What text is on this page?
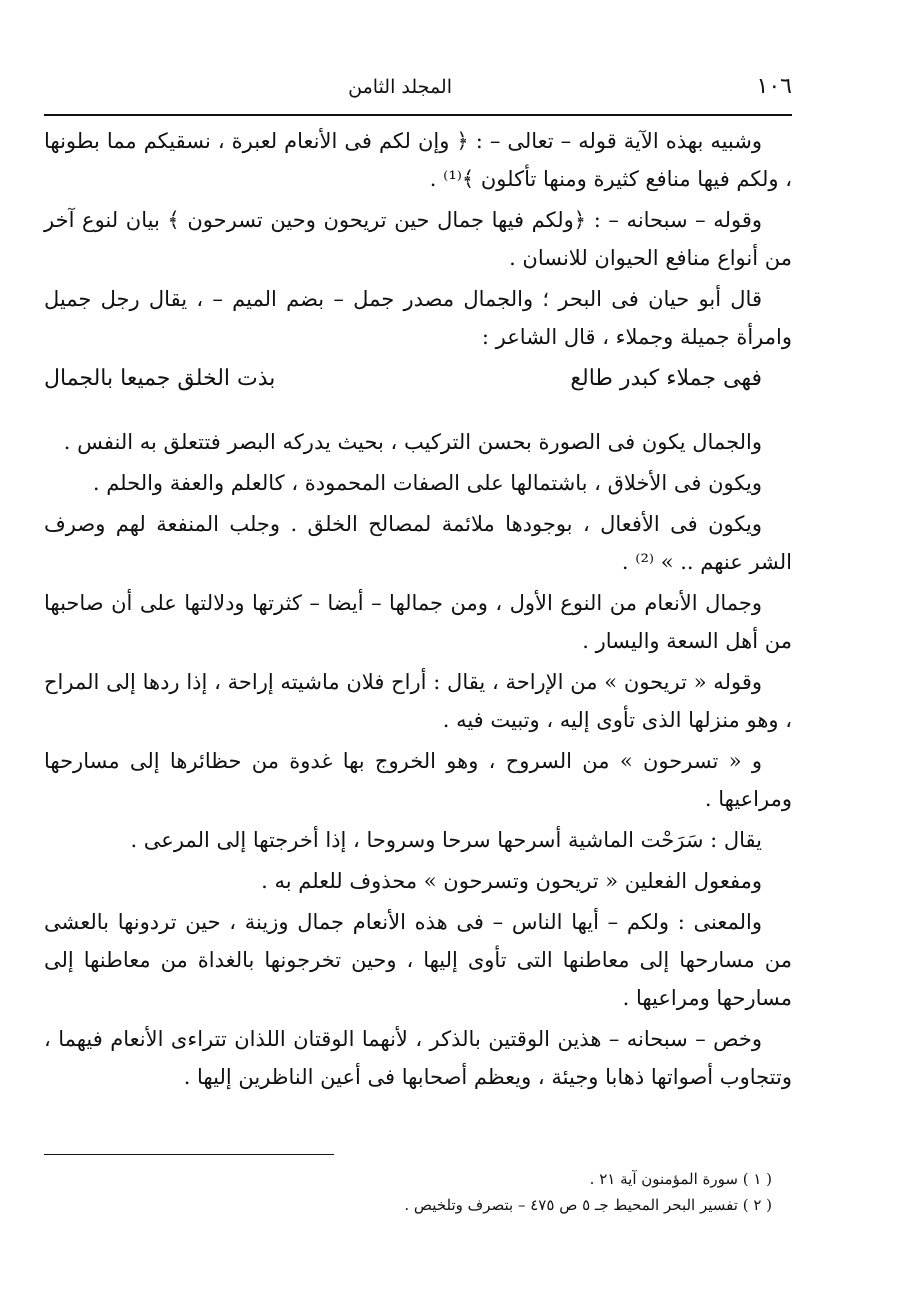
١٠٦
المجلد الثامن

وشبيه بهذه الآية قوله – تعالى – : ﴿ وإن لكم فى الأنعام لعبرة ، نسقيكم مما بطونها ، ولكم فيها منافع كثيرة ومنها تأكلون ﴾⁽¹⁾ .

وقوله – سبحانه – : ﴿ولكم فيها جمال حين تريحون وحين تسرحون ﴾ بيان لنوع آخر من أنواع منافع الحيوان للانسان .

قال أبو حيان فى البحر ؛ والجمال مصدر جمل – بضم الميم – ، يقال رجل جميل وامرأة جميلة وجملاء ، قال الشاعر :

فهى جملاء كبدر طالع
بذت الخلق جميعا بالجمال

والجمال يكون فى الصورة بحسن التركيب ، بحيث يدركه البصر فتتعلق به النفس .

ويكون فى الأخلاق ، باشتمالها على الصفات المحمودة ، كالعلم والعفة والحلم .

ويكون فى الأفعال ، بوجودها ملائمة لمصالح الخلق . وجلب المنفعة لهم وصرف الشر عنهم .. » ⁽²⁾ .

وجمال الأنعام من النوع الأول ، ومن جمالها – أيضا – كثرتها ودلالتها على أن صاحبها من أهل السعة واليسار .

وقوله « تريحون » من الإراحة ، يقال : أراح فلان ماشيته إراحة ، إذا ردها إلى المراح ، وهو منزلها الذى تأوى إليه ، وتبيت فيه .

و « تسرحون » من السروح ، وهو الخروج بها غدوة من حظائرها إلى مسارحها ومراعيها .

يقال : سَرَحْت الماشية أسرحها سرحا وسروحا ، إذا أخرجتها إلى المرعى .

ومفعول الفعلين « تريحون وتسرحون » محذوف للعلم به .

والمعنى : ولكم – أيها الناس – فى هذه الأنعام جمال وزينة ، حين تردونها بالعشى من مسارحها إلى معاطنها التى تأوى إليها ، وحين تخرجونها بالغداة من معاطنها إلى مسارحها ومراعيها .

وخص – سبحانه – هذين الوقتين بالذكر ، لأنهما الوقتان اللذان تتراءى الأنعام فيهما ، وتتجاوب أصواتها ذهابا وجيئة ، ويعظم أصحابها فى أعين الناظرين إليها .

( ١ ) سورة المؤمنون آية ٢١ .

( ٢ ) تفسير البحر المحيط جـ ٥ ص ٤٧٥ – بتصرف وتلخيص .
